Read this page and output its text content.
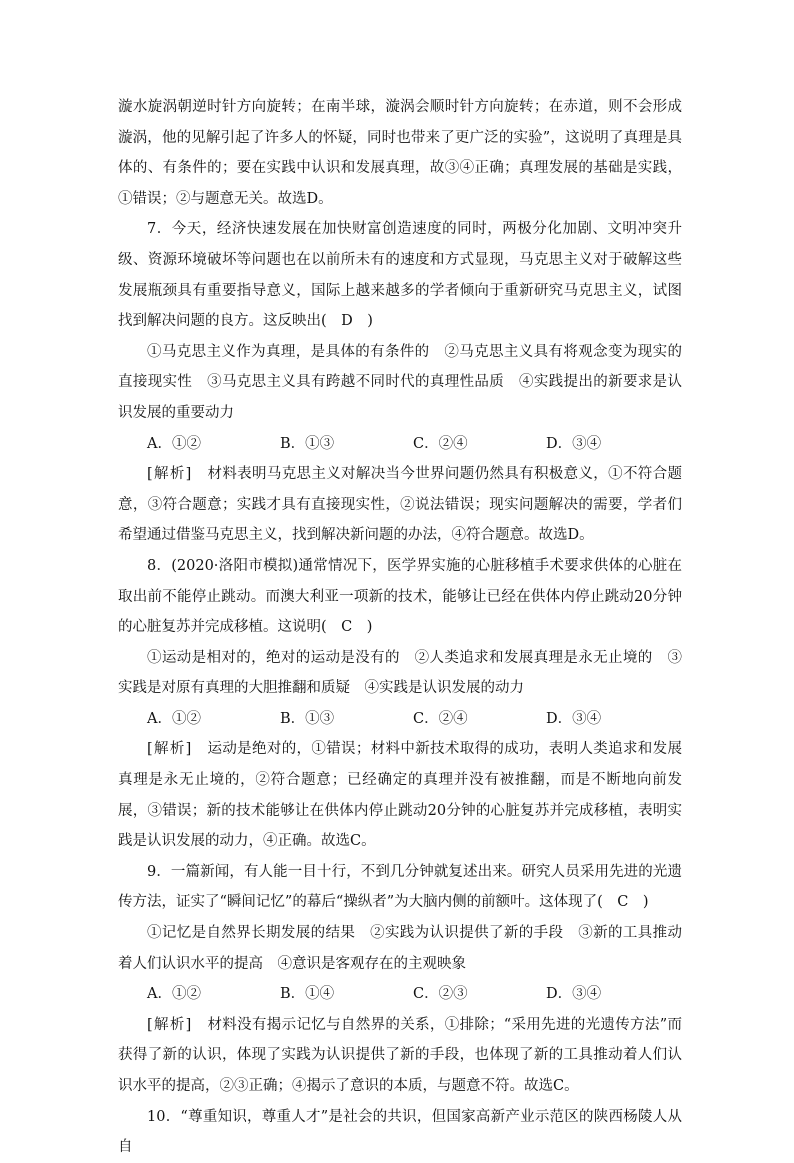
漩水旋涡朝逆时针方向旋转；在南半球，漩涡会顺时针方向旋转；在赤道，则不会形成漩涡，他的见解引起了许多人的怀疑，同时也带来了更广泛的实验”，这说明了真理是具体的、有条件的；要在实践中认识和发展真理，故③④正确；真理发展的基础是实践，①错误；②与题意无关。故选D。

7．今天，经济快速发展在加快财富创造速度的同时，两极分化加剧、文明冲突升级、资源环境破坏等问题也在以前所未有的速度和方式显现，马克思主义对于破解这些发展瓶颈具有重要指导意义，国际上越来越多的学者倾向于重新研究马克思主义，试图找到解决问题的良方。这反映出(　D　)

①马克思主义作为真理，是具体的有条件的　②马克思主义具有将观念变为现实的直接现实性　③马克思主义具有跨越不同时代的真理性品质　④实践提出的新要求是认识发展的重要动力

A．①②	B．①③	C．②④	D．③④

[解析]　材料表明马克思主义对解决当今世界问题仍然具有积极意义，①不符合题意，③符合题意；实践才具有直接现实性，②说法错误；现实问题解决的需要，学者们希望通过借鉴马克思主义，找到解决新问题的办法，④符合题意。故选D。

8．(2020·洛阳市模拟)通常情况下，医学界实施的心脏移植手术要求供体的心脏在取出前不能停止跳动。而澳大利亚一项新的技术，能够让已经在供体内停止跳动20分钟的心脏复苏并完成移植。这说明(　C　)

①运动是相对的，绝对的运动是没有的　②人类追求和发展真理是永无止境的　③实践是对原有真理的大胆推翻和质疑　④实践是认识发展的动力

A．①②	B．①③	C．②④	D．③④

[解析]　运动是绝对的，①错误；材料中新技术取得的成功，表明人类追求和发展真理是永无止境的，②符合题意；已经确定的真理并没有被推翻，而是不断地向前发展，③错误；新的技术能够让在供体内停止跳动20分钟的心脏复苏并完成移植，表明实践是认识发展的动力，④正确。故选C。

9．一篇新闻，有人能一目十行，不到几分钟就复述出来。研究人员采用先进的光遗传方法，证实了“瞬间记忆”的幕后“操纵者”为大脑内侧的前额叶。这体现了(　C　)

①记忆是自然界长期发展的结果　②实践为认识提供了新的手段　③新的工具推动着人们认识水平的提高　④意识是客观存在的主观映象

A．①②	B．①④	C．②③	D．③④

[解析]　材料没有揭示记忆与自然界的关系，①排除；“采用先进的光遗传方法”而获得了新的认识，体现了实践为认识提供了新的手段，也体现了新的工具推动着人们认识水平的提高，②③正确；④揭示了意识的本质，与题意不符。故选C。

10．“尊重知识，尊重人才”是社会的共识，但国家高新产业示范区的陕西杨陵人从自
